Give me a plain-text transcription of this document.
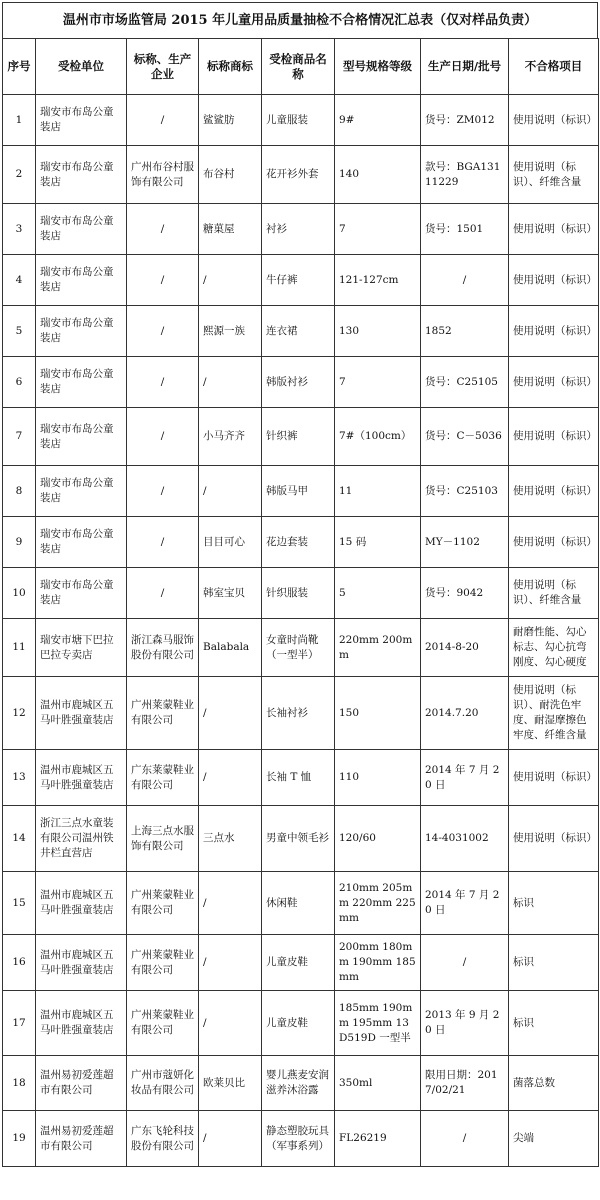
温州市市场监管局 2015 年儿童用品质量抽检不合格情况汇总表（仅对样品负责）
序号	受检单位	标称、生产企业	标称商标	受检商品名称	型号规格等级	生产日期/批号	不合格项目
1	瑞安市布岛公童装店	/	鲨鲨肪	儿童服装	9#	货号：ZM012	使用说明（标识）
2	瑞安市布岛公童装店	广州布谷村服饰有限公司	布谷村	花开衫外套	140	款号：BGA13111229	使用说明（标识）、纤维含量
3	瑞安市布岛公童装店	/	糖菓屋	衬衫	7	货号：1501	使用说明（标识）
4	瑞安市布岛公童装店	/	/	牛仔裤	121-127cm	/	使用说明（标识）
5	瑞安市布岛公童装店	/	熙源一族	连衣裙	130	1852	使用说明（标识）
6	瑞安市布岛公童装店	/	/	韩版衬衫	7	货号：C25105	使用说明（标识）
7	瑞安市布岛公童装店	/	小马齐齐	针织裤	7#（100cm）	货号：C－5036	使用说明（标识）
8	瑞安市布岛公童装店	/	/	韩版马甲	11	货号：C25103	使用说明（标识）
9	瑞安市布岛公童装店	/	目目可心	花边套装	15 码	MY－1102	使用说明（标识）
10	瑞安市布岛公童装店	/	韩室宝贝	针织服装	5	货号：9042	使用说明（标识）、纤维含量
11	瑞安市塘下巴拉巴拉专卖店	浙江森马服饰股份有限公司	Balabala	女童时尚靴（一型半）	220mm 200mm	2014-8-20	耐磨性能、勾心标志、勾心抗弯刚度、勾心硬度
12	温州市鹿城区五马叶胜强童装店	广州莱蒙鞋业有限公司	/	长袖衬衫	150	2014.7.20	使用说明（标识）、耐洗色牢度、耐湿摩擦色牢度、纤维含量
13	温州市鹿城区五马叶胜强童装店	广东莱蒙鞋业有限公司	/	长袖 T 恤	110	2014 年 7 月 20 日	使用说明（标识）
14	浙江三点水童装有限公司温州铁井栏直营店	上海三点水服饰有限公司	三点水	男童中领毛衫	120/60	14-4031002	使用说明（标识）
15	温州市鹿城区五马叶胜强童装店	广州莱蒙鞋业有限公司	/	休闲鞋	210mm 205mm 220mm 225mm	2014 年 7 月 20 日	标识
16	温州市鹿城区五马叶胜强童装店	广州莱蒙鞋业有限公司	/	儿童皮鞋	200mm 180mm 190mm 185mm	/	标识
17	温州市鹿城区五马叶胜强童装店	广州莱蒙鞋业有限公司	/	儿童皮鞋	185mm 190mm 195mm 13D519D 一型半	2013 年 9 月 20 日	标识
18	温州易初爱莲超市有限公司	广州市蔻妍化妆品有限公司	欧莱贝比	婴儿燕麦安润滋养沐浴露	350ml	限用日期：2017/02/21	菌落总数
19	温州易初爱莲超市有限公司	广东飞轮科技股份有限公司	/	静态塑胶玩具（军事系列）	FL26219	/	尖端
